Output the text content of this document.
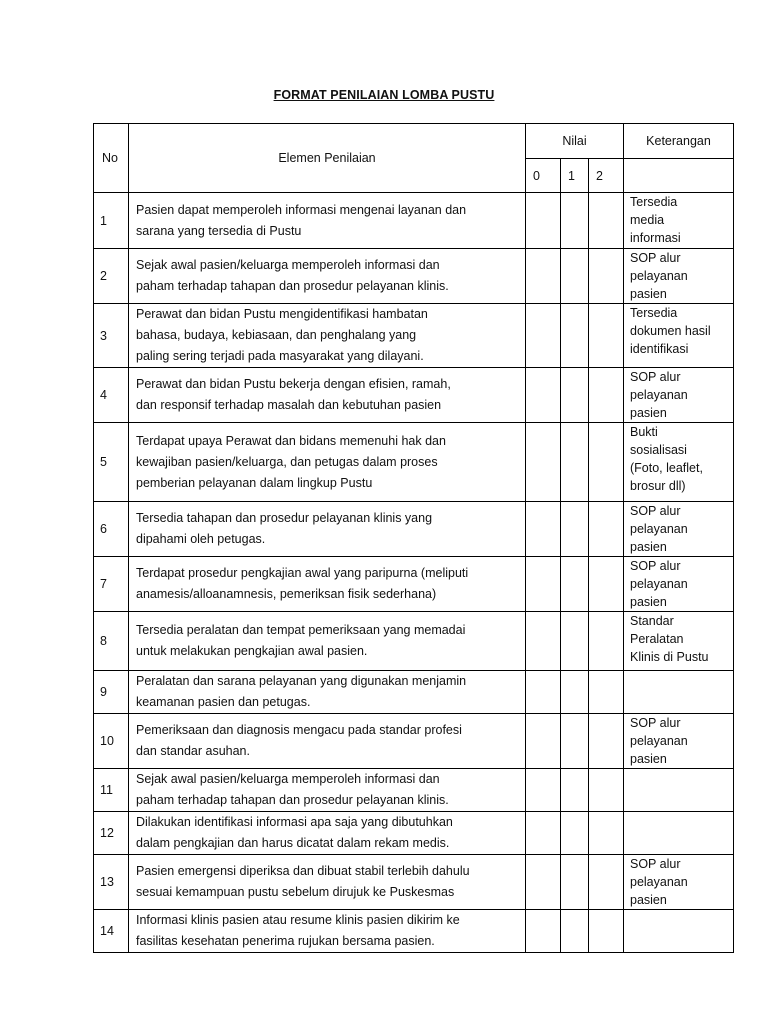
FORMAT PENILAIAN LOMBA PUSTU
No	Elemen Penilaian	Nilai			Keterangan
		0	1	2	
1	Pasien dapat memperoleh informasi mengenai layanan dan
sarana yang tersedia di Pustu				Tersedia
media
informasi

2	Sejak awal pasien/keluarga memperoleh informasi dan
paham terhadap tahapan dan prosedur pelayanan klinis.				SOP alur
pelayanan
pasien

3	Perawat dan bidan Pustu mengidentifikasi hambatan
bahasa, budaya, kebiasaan, dan penghalang yang
paling sering terjadi pada masyarakat yang dilayani.				Tersedia
dokumen hasil
identifikasi

4	Perawat dan bidan Pustu bekerja dengan efisien, ramah,
dan responsif terhadap masalah dan kebutuhan pasien				SOP alur
pelayanan
pasien

5	Terdapat upaya Perawat dan bidans memenuhi hak dan
kewajiban pasien/keluarga, dan petugas dalam proses
pemberian pelayanan dalam lingkup Pustu				Bukti
sosialisasi
(Foto, leaflet,
brosur dll)

6	Tersedia tahapan dan prosedur pelayanan klinis yang
dipahami oleh petugas.				SOP alur
pelayanan
pasien

7	Terdapat prosedur pengkajian awal yang paripurna (meliputi
anamesis/alloanamnesis, pemeriksan fisik sederhana)				SOP alur
pelayanan
pasien

8	Tersedia peralatan dan tempat pemeriksaan yang memadai
untuk melakukan pengkajian awal pasien.				Standar
Peralatan
Klinis di Pustu

9	Peralatan dan sarana pelayanan yang digunakan menjamin
keamanan pasien dan petugas.				

10	Pemeriksaan dan diagnosis mengacu pada standar profesi
dan standar asuhan.				SOP alur
pelayanan
pasien

11	Sejak awal pasien/keluarga memperoleh informasi dan
paham terhadap tahapan dan prosedur pelayanan klinis.				

12	Dilakukan identifikasi informasi apa saja yang dibutuhkan
dalam pengkajian dan harus dicatat dalam rekam medis.				

13	Pasien emergensi diperiksa dan dibuat stabil terlebih dahulu
sesuai kemampuan pustu sebelum dirujuk ke Puskesmas				SOP alur
pelayanan
pasien

14	Informasi klinis pasien atau resume klinis pasien dikirim ke
fasilitas kesehatan penerima rujukan bersama pasien.				
